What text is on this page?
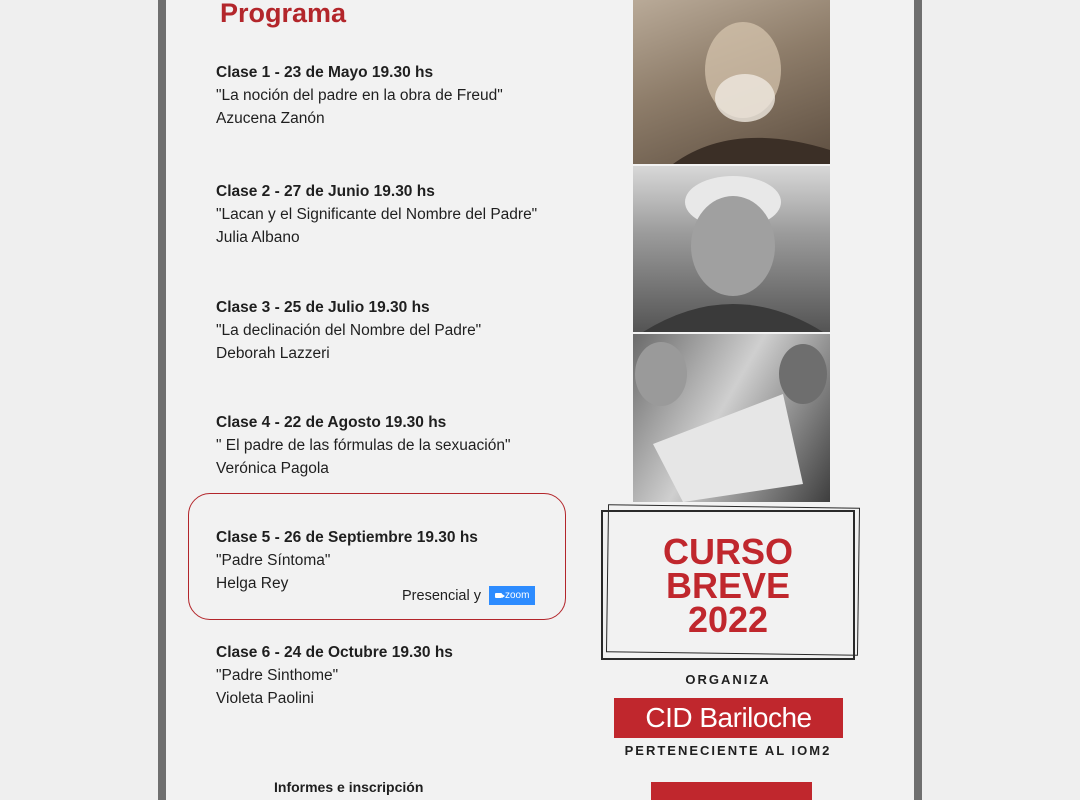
Programa
Clase 1 - 23 de Mayo 19.30 hs
"La noción del padre en la obra de Freud"
Azucena Zanón
Clase 2 - 27 de Junio 19.30 hs
"Lacan y el Significante del Nombre del Padre"
Julia Albano
Clase 3 - 25 de Julio 19.30 hs
"La declinación del Nombre del Padre"
Deborah Lazzeri
Clase 4 - 22 de Agosto 19.30 hs
" El padre de las fórmulas de la sexuación"
Verónica Pagola
Clase 5 - 26 de Septiembre 19.30 hs
"Padre Síntoma"
Helga Rey
Presencial y zoom
Clase 6 - 24 de Octubre 19.30 hs
"Padre Sinthome"
Violeta Paolini
CURSO
BREVE
2022
ORGANIZA
CID Bariloche
PERTENECIENTE AL IOM2
Informes e inscripción
